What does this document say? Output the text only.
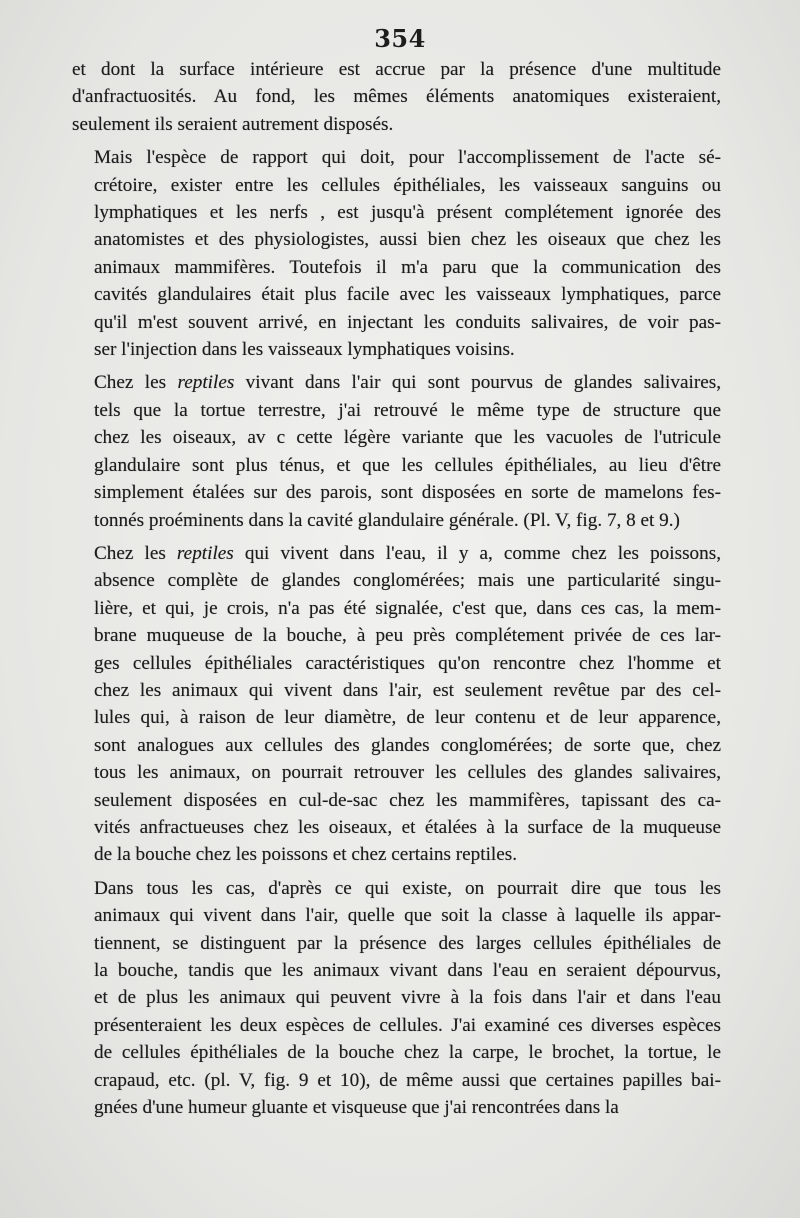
354
et dont la surface intérieure est accrue par la présence d'une multitude
d'anfractuosités. Au fond, les mêmes éléments anatomiques existeraient,
seulement ils seraient autrement disposés.
Mais l'espèce de rapport qui doit, pour l'accomplissement de l'acte sé-
crétoire, exister entre les cellules épithéliales, les vaisseaux sanguins ou
lymphatiques et les nerfs , est jusqu'à présent complétement ignorée des
anatomistes et des physiologistes, aussi bien chez les oiseaux que chez les
animaux mammifères. Toutefois il m'a paru que la communication des
cavités glandulaires était plus facile avec les vaisseaux lymphatiques, parce
qu'il m'est souvent arrivé, en injectant les conduits salivaires, de voir pas-
ser l'injection dans les vaisseaux lymphatiques voisins.
Chez les reptiles vivant dans l'air qui sont pourvus de glandes salivaires,
tels que la tortue terrestre, j'ai retrouvé le même type de structure que
chez les oiseaux, av c cette légère variante que les vacuoles de l'utricule
glandulaire sont plus ténus, et que les cellules épithéliales, au lieu d'être
simplement étalées sur des parois, sont disposées en sorte de mamelons fes-
tonnés proéminents dans la cavité glandulaire générale. (Pl. V, fig. 7, 8 et 9.)
Chez les reptiles qui vivent dans l'eau, il y a, comme chez les poissons,
absence complète de glandes conglomérées; mais une particularité singu-
lière, et qui, je crois, n'a pas été signalée, c'est que, dans ces cas, la mem-
brane muqueuse de la bouche, à peu près complétement privée de ces lar-
ges cellules épithéliales caractéristiques qu'on rencontre chez l'homme et
chez les animaux qui vivent dans l'air, est seulement revêtue par des cel-
lules qui, à raison de leur diamètre, de leur contenu et de leur apparence,
sont analogues aux cellules des glandes conglomérées; de sorte que, chez
tous les animaux, on pourrait retrouver les cellules des glandes salivaires,
seulement disposées en cul-de-sac chez les mammifères, tapissant des ca-
vités anfractueuses chez les oiseaux, et étalées à la surface de la muqueuse
de la bouche chez les poissons et chez certains reptiles.
Dans tous les cas, d'après ce qui existe, on pourrait dire que tous les
animaux qui vivent dans l'air, quelle que soit la classe à laquelle ils appar-
tiennent, se distinguent par la présence des larges cellules épithéliales de
la bouche, tandis que les animaux vivant dans l'eau en seraient dépourvus,
et de plus les animaux qui peuvent vivre à la fois dans l'air et dans l'eau
présenteraient les deux espèces de cellules. J'ai examiné ces diverses espèces
de cellules épithéliales de la bouche chez la carpe, le brochet, la tortue, le
crapaud, etc. (pl. V, fig. 9 et 10), de même aussi que certaines papilles bai-
gnées d'une humeur gluante et visqueuse que j'ai rencontrées dans la
